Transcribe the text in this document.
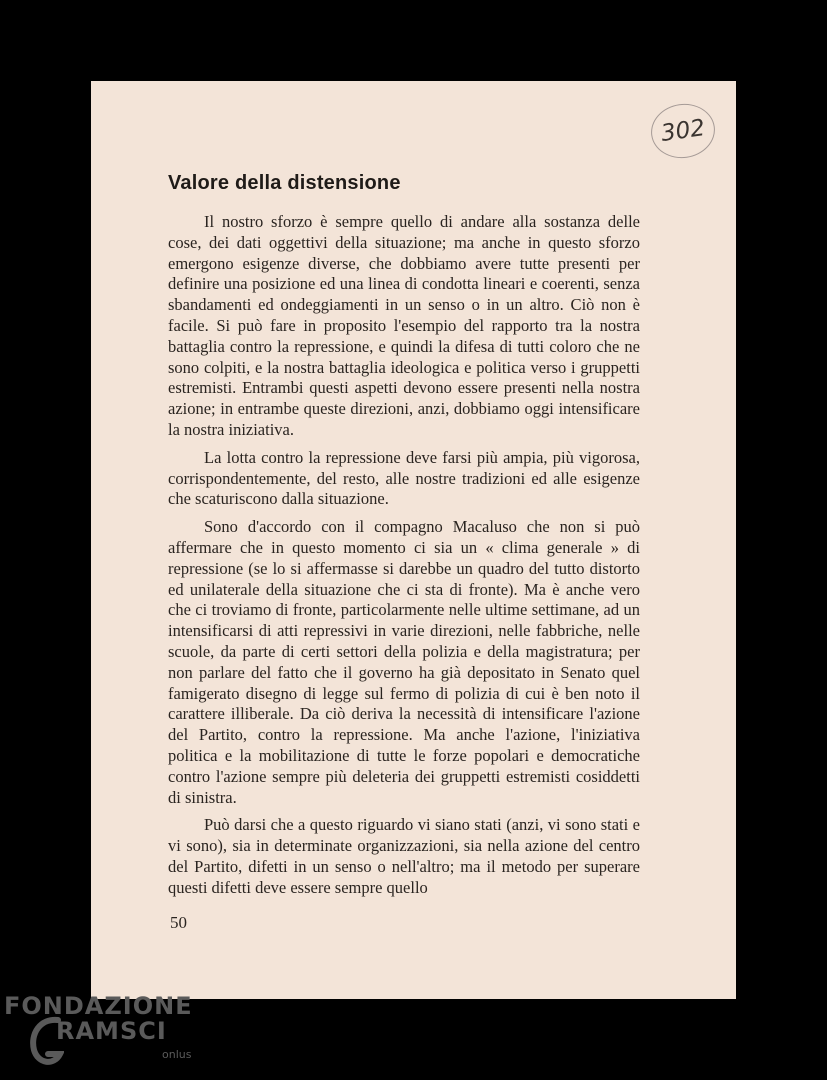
302
Valore della distensione

Il nostro sforzo è sempre quello di andare alla sostanza delle cose, dei dati oggettivi della situazione; ma anche in questo sforzo emergono esigenze diverse, che dobbiamo avere tutte presenti per definire una posizione ed una linea di condotta lineari e coerenti, senza sbandamenti ed ondeggiamenti in un senso o in un altro. Ciò non è facile. Si può fare in proposito l'esempio del rapporto tra la nostra battaglia contro la repressione, e quindi la difesa di tutti coloro che ne sono colpiti, e la nostra battaglia ideologica e politica verso i gruppetti estremisti. Entrambi questi aspetti devono essere presenti nella nostra azione; in entrambe queste direzioni, anzi, dobbiamo oggi intensificare la nostra iniziativa.

La lotta contro la repressione deve farsi più ampia, più vigorosa, corrispondentemente, del resto, alle nostre tradizioni ed alle esigenze che scaturiscono dalla situazione.

Sono d'accordo con il compagno Macaluso che non si può affermare che in questo momento ci sia un « clima generale » di repressione (se lo si affermasse si darebbe un quadro del tutto distorto ed unilaterale della situazione che ci sta di fronte). Ma è anche vero che ci troviamo di fronte, particolarmente nelle ultime settimane, ad un intensificarsi di atti repressivi in varie direzioni, nelle fabbriche, nelle scuole, da parte di certi settori della polizia e della magistratura; per non parlare del fatto che il governo ha già depositato in Senato quel famigerato disegno di legge sul fermo di polizia di cui è ben noto il carattere illiberale. Da ciò deriva la necessità di intensificare l'azione del Partito, contro la repressione. Ma anche l'azione, l'iniziativa politica e la mobilitazione di tutte le forze popolari e democratiche contro l'azione sempre più deleteria dei gruppetti estremisti cosiddetti di sinistra.

Può darsi che a questo riguardo vi siano stati (anzi, vi sono stati e vi sono), sia in determinate organizzazioni, sia nella azione del centro del Partito, difetti in un senso o nell'altro; ma il metodo per superare questi difetti deve essere sempre quello

50
FONDAZIONE
RAMSCI
onlus
